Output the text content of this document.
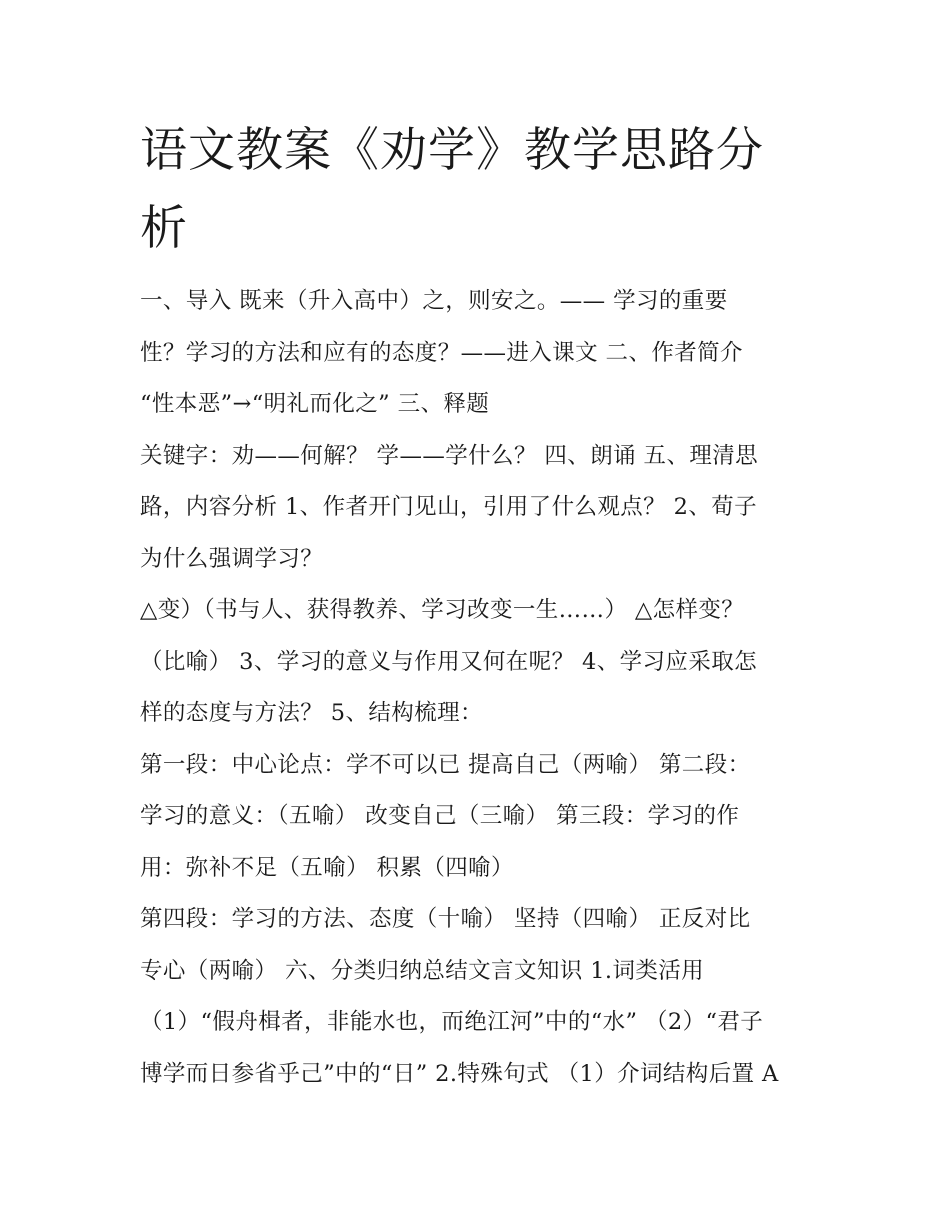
语文教案《劝学》教学思路分
析
一、导入 既来（升入高中）之，则安之。—— 学习的重要
性？学习的方法和应有的态度？——进入课文 二、作者简介
“性本恶”→“明礼而化之” 三、释题
关键字：劝——何解？ 学——学什么？ 四、朗诵 五、理清思
路，内容分析 1、作者开门见山，引用了什么观点？ 2、荀子
为什么强调学习？
△变）（书与人、获得教养、学习改变一生……） △怎样变？
（比喻） 3、学习的意义与作用又何在呢？ 4、学习应采取怎
样的态度与方法？ 5、结构梳理：
第一段：中心论点：学不可以已 提高自己（两喻） 第二段：
学习的意义：（五喻） 改变自己（三喻） 第三段：学习的作
用：弥补不足（五喻） 积累（四喻）
第四段：学习的方法、态度（十喻） 坚持（四喻） 正反对比
专心（两喻） 六、分类归纳总结文言文知识 1.词类活用
（1）“假舟楫者，非能水也，而绝江河”中的“水” （2）“君子
博学而日参省乎己”中的“日” 2.特殊句式 （1）介词结构后置 A
